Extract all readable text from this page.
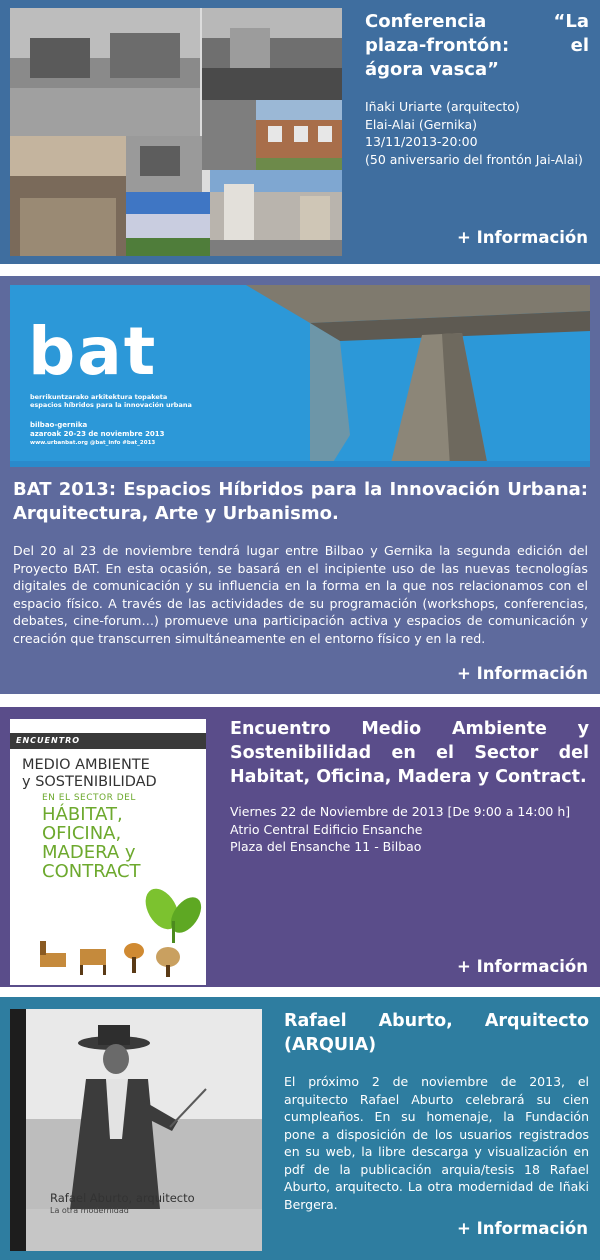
Conferencia “La plaza-frontón: el ágora vasca”
Iñaki Uriarte (arquitecto)
Elai-Alai (Gernika)
13/11/2013-20:00
(50 aniversario del frontón Jai-Alai)
+ Información
bat
berrikuntzarako arkitektura topaketa
espacios híbridos para la innovación urbana
bilbao-gernika
azaroak 20-23 de noviembre 2013
www.urbanbat.org @bat_info #bat_2013
BAT 2013: Espacios Híbridos para la Innovación Urbana: Arquitectura, Arte y Urbanismo.

Del 20 al 23 de noviembre tendrá lugar entre Bilbao y Gernika la segunda edición del Proyecto BAT. En esta ocasión, se basará en el incipiente uso de las nuevas tecnologías digitales de comunicación y su influencia en la forma en la que nos relacionamos con el espacio físico. A través de las actividades de su programación (workshops, conferencias, debates, cine-forum…) promueve una participación activa y espacios de comunicación y creación que transcurren simultáneamente en el entorno físico y en la red.

+ Información
ENCUENTRO
MEDIO AMBIENTE
y SOSTENIBILIDAD
EN EL SECTOR DEL
HÁBITAT,
OFICINA,
MADERA y
CONTRACT
Encuentro Medio Ambiente y Sostenibilidad en el Sector del Habitat, Oficina, Madera y Contract.
Viernes 22 de Noviembre de 2013 [De 9:00 a 14:00 h]
Atrio Central Edificio Ensanche
Plaza del Ensanche 11 - Bilbao
+ Información
Rafael Aburto, arquitecto
La otra modernidad
Rafael Aburto, Arquitecto (ARQUIA)

El próximo 2 de noviembre de 2013, el arquitecto Rafael Aburto celebrará su cien cumpleaños. En su homenaje, la Fundación pone a disposición de los usuarios registrados en su web, la libre descarga y visualización en pdf de la publicación arquia/tesis 18 Rafael Aburto, arquitecto. La otra modernidad de Iñaki Bergera.

+ Información
